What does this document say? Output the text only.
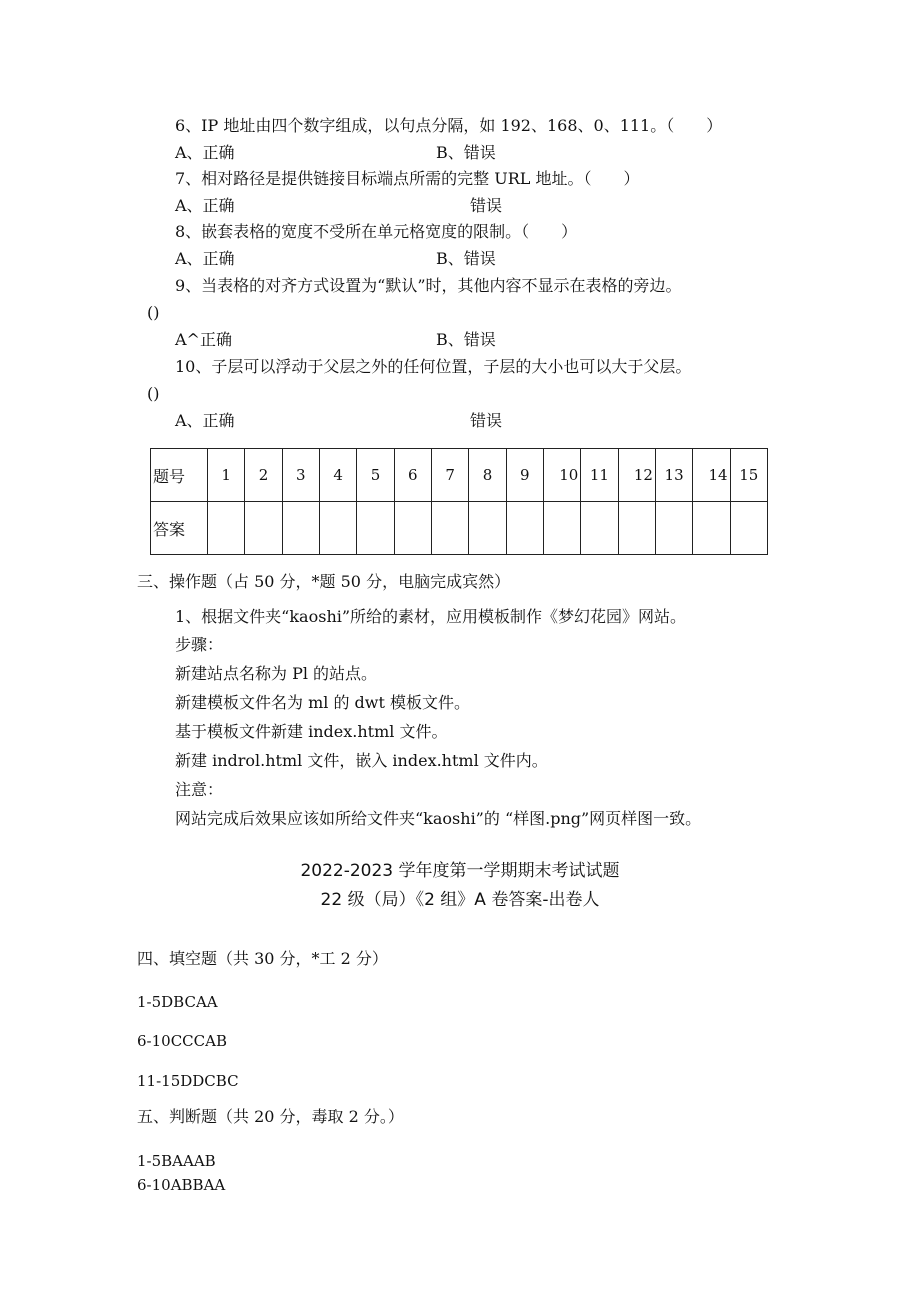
6、IP 地址由四个数字组成，以句点分隔，如 192、168、0、111。（　　）
A、正确	B、错误
7、相对路径是提供链接目标端点所需的完整 URL 地址。（　　）
A、正确	错误
8、嵌套表格的宽度不受所在单元格宽度的限制。（　　）
A、正确	B、错误
9、当表格的对齐方式设置为“默认”时，其他内容不显示在表格的旁边。
()
A^正确	B、错误
10、子层可以浮动于父层之外的任何位置，子层的大小也可以大于父层。
()
A、正确	错误
题号	1	2	3	4	5	6	7	8	9	10	11	12	13	14	15
答案															
三、操作题（占 50 分，*题 50 分，电脑完成宾然）
1、根据文件夹“kaoshi”所给的素材，应用模板制作《梦幻花园》网站。
步骤：
新建站点名称为 Pl 的站点。
新建模板文件名为 ml 的 dwt 模板文件。
基于模板文件新建 index.html 文件。
新建 indrol.html 文件，嵌入 index.html 文件内。
注意：
网站完成后效果应该如所给文件夹“kaoshi”的 “样图.png”网页样图一致。
2022-2023 学年度第一学期期末考试试题
22 级（局）《2 组》A 卷答案-出卷人
四、填空题（共 30 分，*工 2 分）
1-5DBCAA
6-10CCCAB
11-15DDCBC
五、判断题（共 20 分，毒取 2 分。）
1-5BAAAB
6-10ABBAA
